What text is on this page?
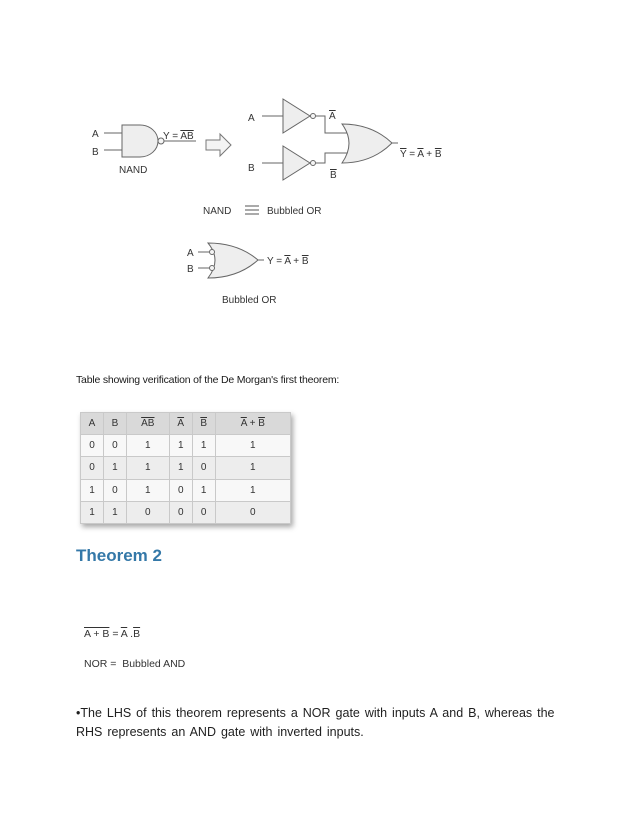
A
B
Y = AB
NAND
A	A
B
B
Y = A + B
NAND	Bubbled OR
A
B
Y = A + B
Bubbled OR
Table showing verification of the De Morgan's first theorem:
A	B	$\overline{AB}$	$\overline{A}$	$\overline{B}$	$\overline{A} + \overline{B}$
0	0	1	1	1	1
0	1	1	1	0	1
1	0	1	0	1	1
1	1	0	0	0	0
Theorem 2
$A + B = \overline{A}$ $.\overline{B}$
NOR =  Bubbled AND
•The LHS of this theorem represents a NOR gate with inputs A and B, whereas the RHS represents an AND gate with inverted inputs.
